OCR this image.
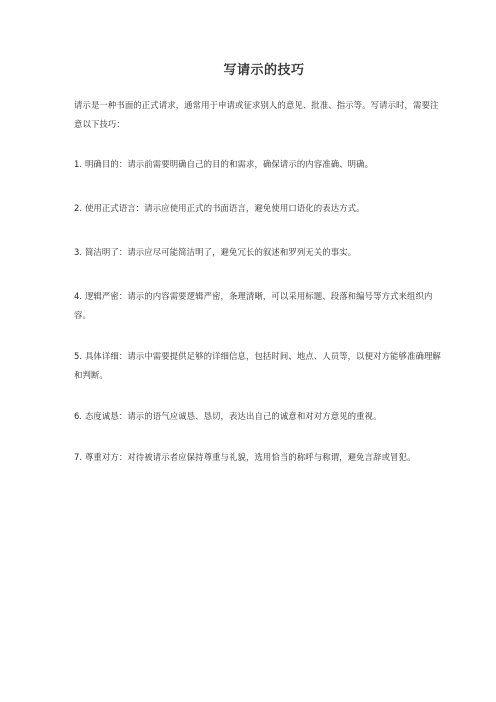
写请示的技巧

请示是一种书面的正式请求，通常用于申请或征求别人的意见、批准、指示等。写请示时，需要注意以下技巧：

1. 明确目的：请示前需要明确自己的目的和需求，确保请示的内容准确、明确。

2. 使用正式语言：请示应使用正式的书面语言，避免使用口语化的表达方式。

3. 简洁明了：请示应尽可能简洁明了，避免冗长的叙述和罗列无关的事实。

4. 逻辑严密：请示的内容需要逻辑严密，条理清晰，可以采用标题、段落和编号等方式来组织内容。

5. 具体详细：请示中需要提供足够的详细信息，包括时间、地点、人员等，以便对方能够准确理解和判断。

6. 态度诚恳：请示的语气应诚恳、恳切，表达出自己的诚意和对对方意见的重视。

7. 尊重对方：对待被请示者应保持尊重与礼貌，选用恰当的称呼与称谓，避免言辞或冒犯。
